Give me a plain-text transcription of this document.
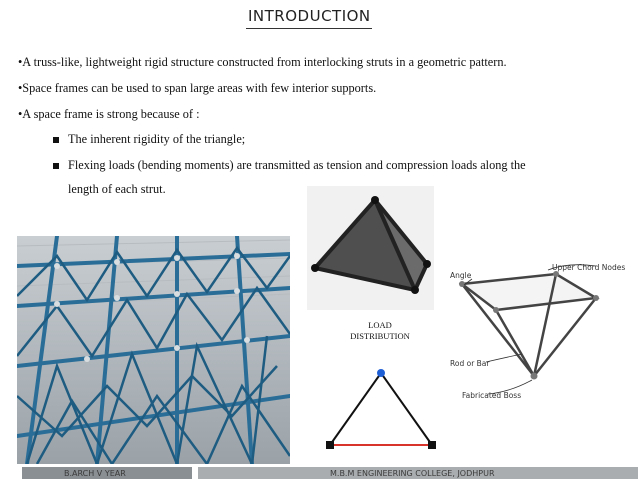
INTRODUCTION
•A truss-like, lightweight rigid structure constructed from interlocking struts in a geometric pattern.
•Space frames can be used to span large areas with few interior supports.
•A space frame is strong because of :
The inherent rigidity of the triangle;
Flexing loads (bending moments) are transmitted as tension and compression loads along the
length of each strut.
Angle
Upper Chord Nodes
Rod or Bar
Fabricated Boss
LOAD
DISTRIBUTION
B.ARCH V YEAR	M.B.M ENGINEERING COLLEGE, JODHPUR
